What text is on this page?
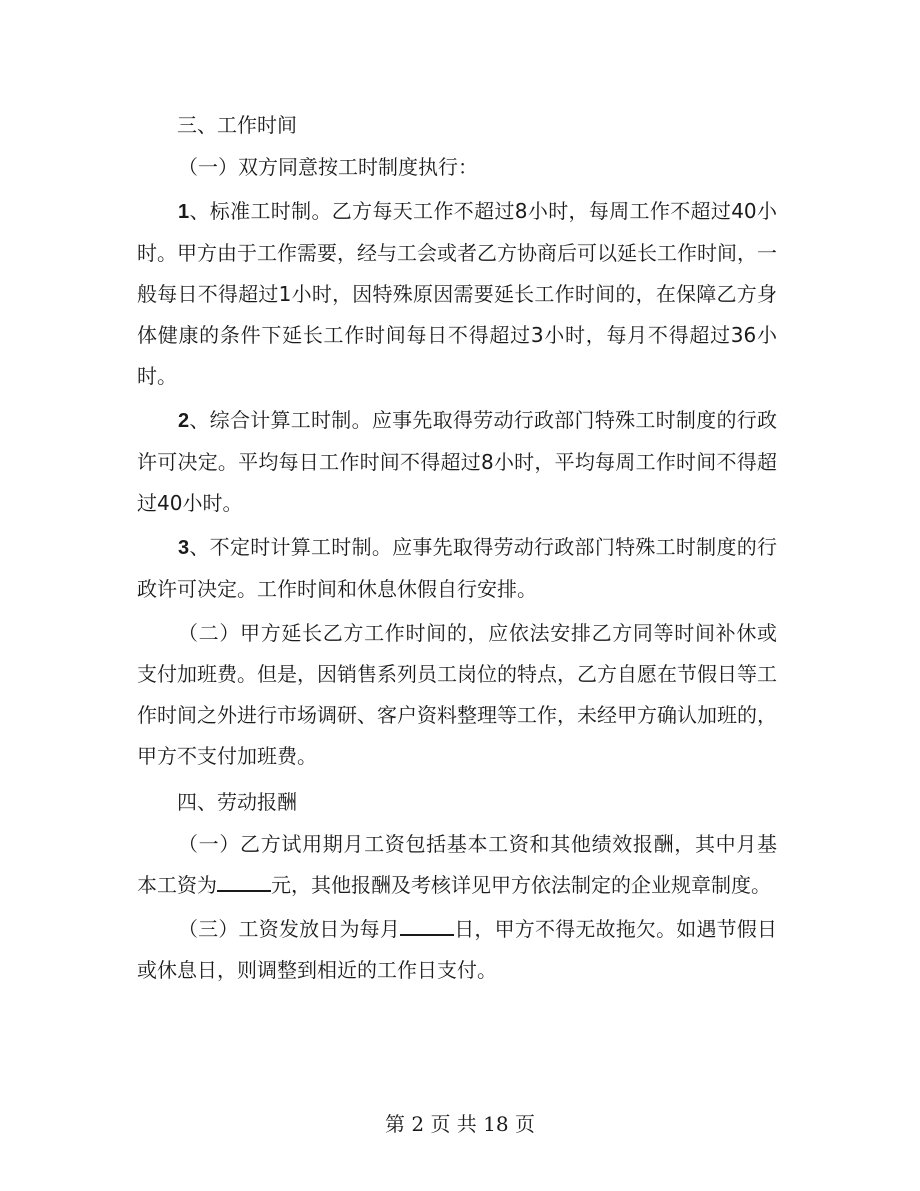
三、工作时间

（一）双方同意按工时制度执行：

1、标准工时制。乙方每天工作不超过8小时，每周工作不超过40小时。甲方由于工作需要，经与工会或者乙方协商后可以延长工作时间，一般每日不得超过1小时，因特殊原因需要延长工作时间的，在保障乙方身体健康的条件下延长工作时间每日不得超过3小时，每月不得超过36小时。

2、综合计算工时制。应事先取得劳动行政部门特殊工时制度的行政许可决定。平均每日工作时间不得超过8小时，平均每周工作时间不得超过40小时。

3、不定时计算工时制。应事先取得劳动行政部门特殊工时制度的行政许可决定。工作时间和休息休假自行安排。

（二）甲方延长乙方工作时间的，应依法安排乙方同等时间补休或支付加班费。但是，因销售系列员工岗位的特点，乙方自愿在节假日等工作时间之外进行市场调研、客户资料整理等工作，未经甲方确认加班的，甲方不支付加班费。

四、劳动报酬

（一）乙方试用期月工资包括基本工资和其他绩效报酬，其中月基本工资为	元，其他报酬及考核详见甲方依法制定的企业规章制度。

（三）工资发放日为每月	日，甲方不得无故拖欠。如遇节假日或休息日，则调整到相近的工作日支付。

第 2 页 共 18 页
